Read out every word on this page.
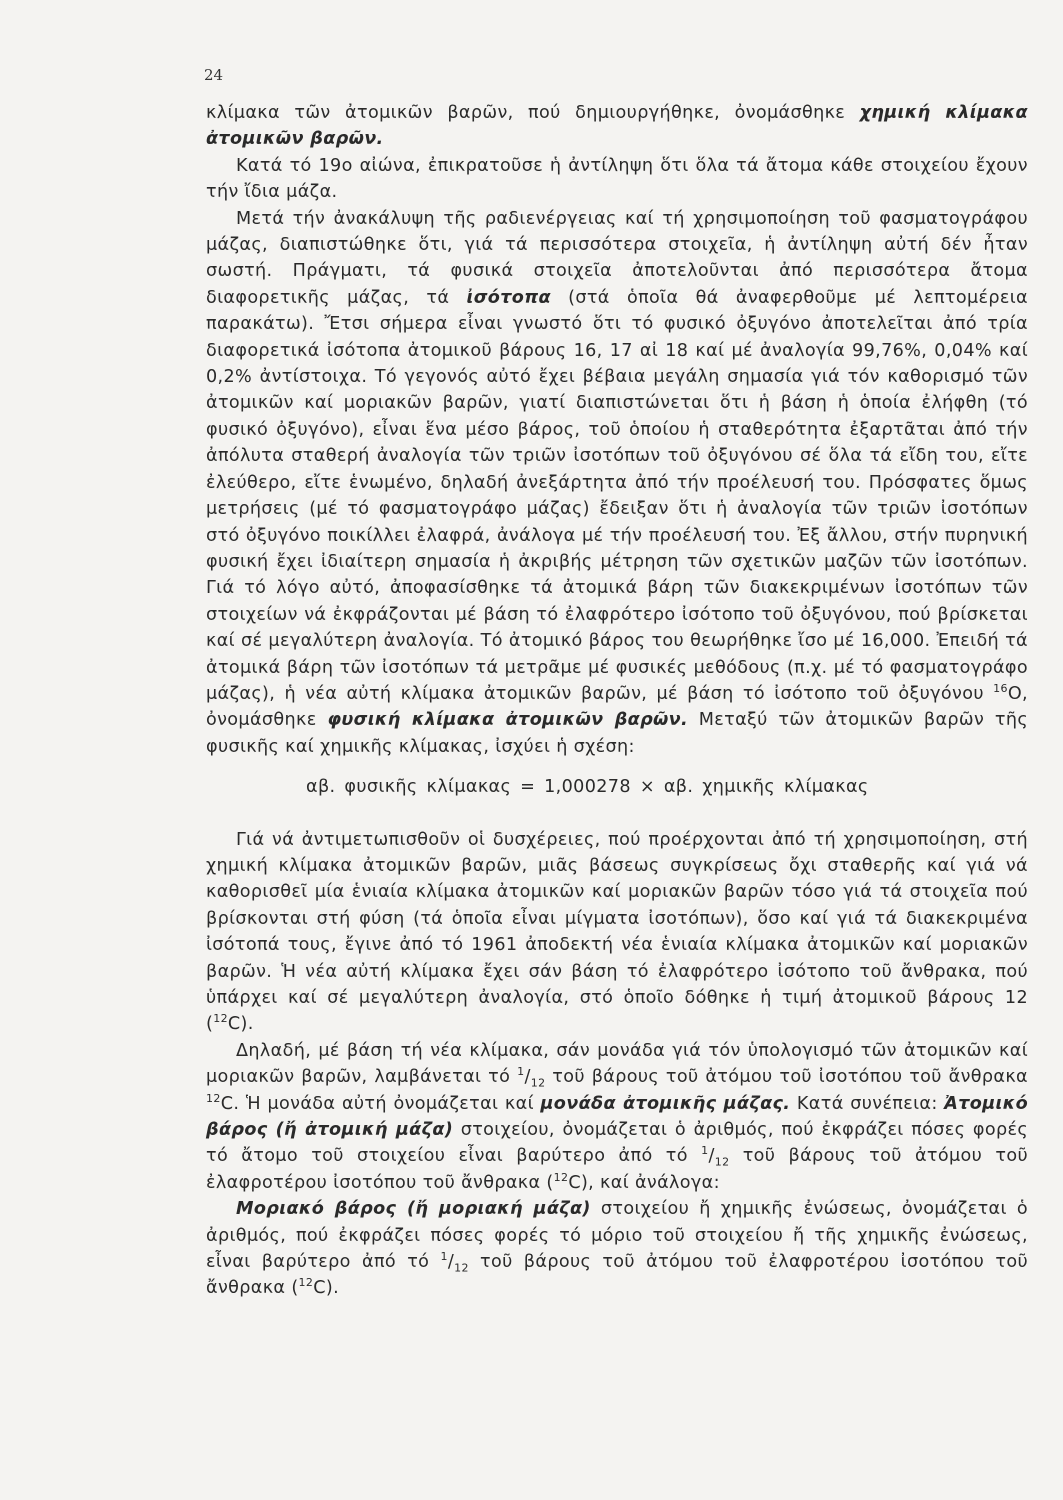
24

κλίμακα τῶν ἀτομικῶν βαρῶν, πού δημιουργήθηκε, ὀνομάσθηκε χημική κλίμακα ἀτομικῶν βαρῶν.

Κατά τό 19ο αἰώνα, ἐπικρατοῦσε ἡ ἀντίληψη ὅτι ὅλα τά ἄτομα κάθε στοιχείου ἔχουν τήν ἴδια μάζα.

Μετά τήν ἀνακάλυψη τῆς ραδιενέργειας καί τή χρησιμοποίηση τοῦ φασματογράφου μάζας, διαπιστώθηκε ὅτι, γιά τά περισσότερα στοιχεῖα, ἡ ἀντίληψη αὐτή δέν ἦταν σωστή. Πράγματι, τά φυσικά στοιχεῖα ἀποτελοῦνται ἀπό περισσότερα ἄτομα διαφορετικῆς μάζας, τά ἰσότοπα (στά ὁποῖα θά ἀναφερθοῦμε μέ λεπτομέρεια παρακάτω). Ἔτσι σήμερα εἶναι γνωστό ὅτι τό φυσικό ὀξυγόνο ἀποτελεῖται ἀπό τρία διαφορετικά ἰσότοπα ἀτομικοῦ βάρους 16, 17 αἰ 18 καί μέ ἀναλογία 99,76%, 0,04% καί 0,2% ἀντίστοιχα. Τό γεγονός αὐτό ἔχει βέβαια μεγάλη σημασία γιά τόν καθορισμό τῶν ἀτομικῶν καί μοριακῶν βαρῶν, γιατί διαπιστώνεται ὅτι ἡ βάση ἡ ὁποία ἐλήφθη (τό φυσικό ὀξυγόνο), εἶναι ἕνα μέσο βάρος, τοῦ ὁποίου ἡ σταθερότητα ἐξαρτᾶται ἀπό τήν ἀπόλυτα σταθερή ἀναλογία τῶν τριῶν ἰσοτόπων τοῦ ὀξυγόνου σέ ὅλα τά εἴδη του, εἴτε ἐλεύθερο, εἴτε ἑνωμένο, δηλαδή ἀνεξάρτητα ἀπό τήν προέλευσή του. Πρόσφατες ὅμως μετρήσεις (μέ τό φασματογράφο μάζας) ἔδειξαν ὅτι ἡ ἀναλογία τῶν τριῶν ἰσοτόπων στό ὀξυγόνο ποικίλλει ἐλαφρά, ἀνάλογα μέ τήν προέλευσή του. Ἐξ ἄλλου, στήν πυρηνική φυσική ἔχει ἰδιαίτερη σημασία ἡ ἀκριβής μέτρηση τῶν σχετικῶν μαζῶν τῶν ἰσοτόπων. Γιά τό λόγο αὐτό, ἀποφασίσθηκε τά ἀτομικά βάρη τῶν διακεκριμένων ἰσοτόπων τῶν στοιχείων νά ἐκφράζονται μέ βάση τό ἐλαφρότερο ἰσότοπο τοῦ ὀξυγόνου, πού βρίσκεται καί σέ μεγαλύτερη ἀναλογία. Τό ἀτομικό βάρος του θεωρήθηκε ἴσο μέ 16,000. Ἐπειδή τά ἀτομικά βάρη τῶν ἰσοτόπων τά μετρᾶμε μέ φυσικές μεθόδους (π.χ. μέ τό φασματογράφο μάζας), ἡ νέα αὐτή κλίμακα ἀτομικῶν βαρῶν, μέ βάση τό ἰσότοπο τοῦ ὀξυγόνου $^{16}$Ο, ὀνομάσθηκε φυσική κλίμακα ἀτομικῶν βαρῶν. Μεταξύ τῶν ἀτομικῶν βαρῶν τῆς φυσικῆς καί χημικῆς κλίμακας, ἰσχύει ἡ σχέση:

αβ. φυσικῆς κλίμακας = 1,000278 × αβ. χημικῆς κλίμακας

Γιά νά ἀντιμετωπισθοῦν οἱ δυσχέρειες, πού προέρχονται ἀπό τή χρησιμοποίηση, στή χημική κλίμακα ἀτομικῶν βαρῶν, μιᾶς βάσεως συγκρίσεως ὄχι σταθερῆς καί γιά νά καθορισθεῖ μία ἑνιαία κλίμακα ἀτομικῶν καί μοριακῶν βαρῶν τόσο γιά τά στοιχεῖα πού βρίσκονται στή φύση (τά ὁποῖα εἶναι μίγματα ἰσοτόπων), ὅσο καί γιά τά διακεκριμένα ἰσότοπά τους, ἔγινε ἀπό τό 1961 ἀποδεκτή νέα ἑνιαία κλίμακα ἀτομικῶν καί μοριακῶν βαρῶν. Ἡ νέα αὐτή κλίμακα ἔχει σάν βάση τό ἐλαφρότερο ἰσότοπο τοῦ ἄνθρακα, πού ὑπάρχει καί σέ μεγαλύτερη ἀναλογία, στό ὁποῖο δόθηκε ἡ τιμή ἀτομικοῦ βάρους 12 ($^{12}$C).

Δηλαδή, μέ βάση τή νέα κλίμακα, σάν μονάδα γιά τόν ὑπολογισμό τῶν ἀτομικῶν καί μοριακῶν βαρῶν, λαμβάνεται τό $^1/_{12}$ τοῦ βάρους τοῦ ἀτόμου τοῦ ἰσοτόπου τοῦ ἄνθρακα $^{12}$C. Ἡ μονάδα αὐτή ὀνομάζεται καί μονάδα ἀτομικῆς μάζας. Κατά συνέπεια: Ἀτομικό βάρος (ἤ ἀτομική μάζα) στοιχείου, ὀνομάζεται ὁ ἀριθμός, πού ἐκφράζει πόσες φορές τό ἄτομο τοῦ στοιχείου εἶναι βαρύτερο ἀπό τό $^1/_{12}$ τοῦ βάρους τοῦ ἀτόμου τοῦ ἐλαφροτέρου ἰσοτόπου τοῦ ἄνθρακα ($^{12}$C), καί ἀνάλογα:

Μοριακό βάρος (ἤ μοριακή μάζα) στοιχείου ἤ χημικῆς ἐνώσεως, ὀνομάζεται ὁ ἀριθμός, πού ἐκφράζει πόσες φορές τό μόριο τοῦ στοιχείου ἤ τῆς χημικῆς ἐνώσεως, εἶναι βαρύτερο ἀπό τό $^1/_{12}$ τοῦ βάρους τοῦ ἀτόμου τοῦ ἐλαφροτέρου ἰσοτόπου τοῦ ἄνθρακα ($^{12}$C).
